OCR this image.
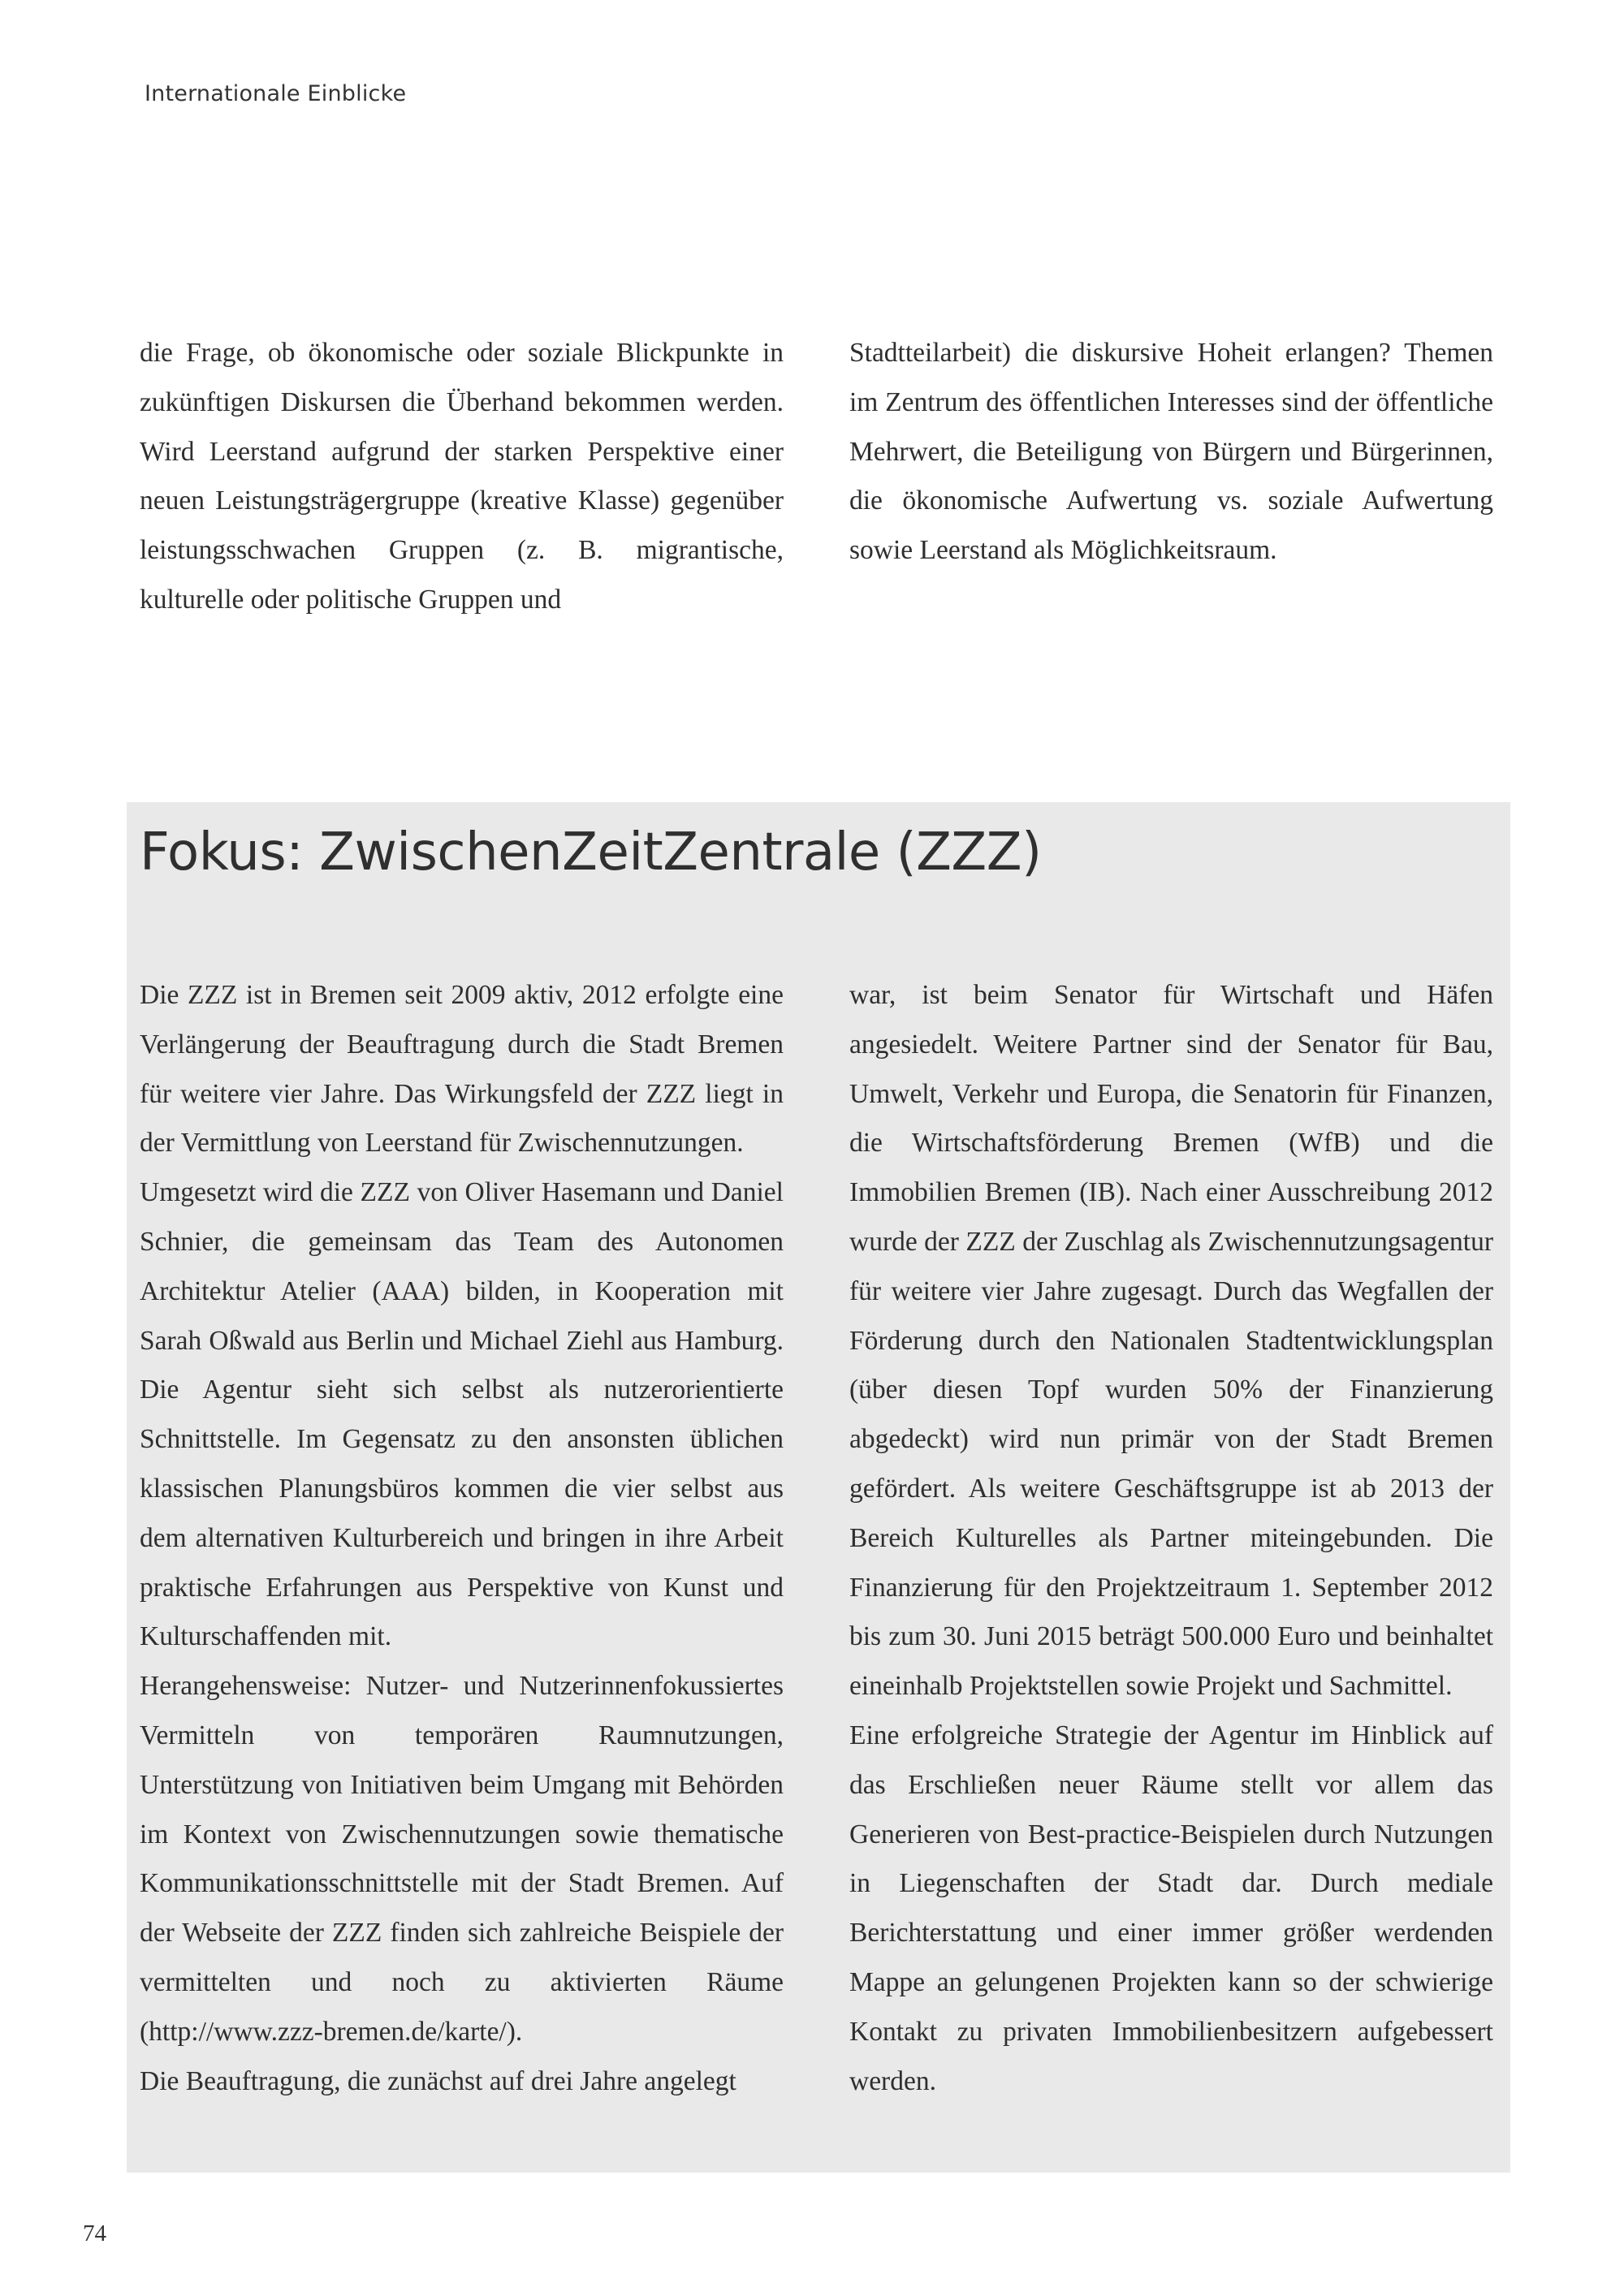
Internationale Einblicke

die Frage, ob ökonomische oder soziale Blickpunkte in zukünftigen Diskursen die Überhand bekommen werden. Wird Leerstand aufgrund der starken Perspektive einer neuen Leistungsträgergruppe (kreative Klasse) gegenüber leistungsschwachen Gruppen (z. B. migrantische, kulturelle oder politische Gruppen und

Stadtteilarbeit) die diskursive Hoheit erlangen? Themen im Zentrum des öffentlichen Interesses sind der öffentliche Mehrwert, die Beteiligung von Bürgern und Bürgerinnen, die ökonomische Aufwertung vs. soziale Aufwertung sowie Leerstand als Möglichkeitsraum.

Fokus: ZwischenZeitZentrale (ZZZ)

Die ZZZ ist in Bremen seit 2009 aktiv, 2012 erfolgte eine Verlängerung der Beauftragung durch die Stadt Bremen für weitere vier Jahre. Das Wirkungsfeld der ZZZ liegt in der Vermittlung von Leerstand für Zwischennutzungen.

Umgesetzt wird die ZZZ von Oliver Hasemann und Daniel Schnier, die gemeinsam das Team des Autonomen Architektur Atelier (AAA) bilden, in Kooperation mit Sarah Oßwald aus Berlin und Michael Ziehl aus Hamburg. Die Agentur sieht sich selbst als nutzerorientierte Schnittstelle. Im Gegensatz zu den ansonsten üblichen klassischen Planungsbüros kommen die vier selbst aus dem alternativen Kulturbereich und bringen in ihre Arbeit praktische Erfahrungen aus Perspektive von Kunst und Kulturschaffenden mit.

Herangehensweise: Nutzer- und Nutzerinnenfokussiertes Vermitteln von temporären Raumnutzungen, Unterstützung von Initiativen beim Umgang mit Behörden im Kontext von Zwischennutzungen sowie thematische Kommunikationsschnittstelle mit der Stadt Bremen. Auf der Webseite der ZZZ finden sich zahlreiche Beispiele der vermittelten und noch zu aktivierten Räume (http://www.zzz-bremen.de/karte/).

Die Beauftragung, die zunächst auf drei Jahre angelegt

war, ist beim Senator für Wirtschaft und Häfen angesiedelt. Weitere Partner sind der Senator für Bau, Umwelt, Verkehr und Europa, die Senatorin für Finanzen, die Wirtschaftsförderung Bremen (WfB) und die Immobilien Bremen (IB). Nach einer Ausschreibung 2012 wurde der ZZZ der Zuschlag als Zwischennutzungsagentur für weitere vier Jahre zugesagt. Durch das Wegfallen der Förderung durch den Nationalen Stadtentwicklungsplan (über diesen Topf wurden 50% der Finanzierung abgedeckt) wird nun primär von der Stadt Bremen gefördert. Als weitere Geschäftsgruppe ist ab 2013 der Bereich Kulturelles als Partner miteingebunden. Die Finanzierung für den Projektzeitraum 1. September 2012 bis zum 30. Juni 2015 beträgt 500.000 Euro und beinhaltet eineinhalb Projektstellen sowie Projekt und Sachmittel.

Eine erfolgreiche Strategie der Agentur im Hinblick auf das Erschließen neuer Räume stellt vor allem das Generieren von Best-practice-Beispielen durch Nutzungen in Liegenschaften der Stadt dar. Durch mediale Berichterstattung und einer immer größer werdenden Mappe an gelungenen Projekten kann so der schwierige Kontakt zu privaten Immobilienbesitzern aufgebessert werden.

74
